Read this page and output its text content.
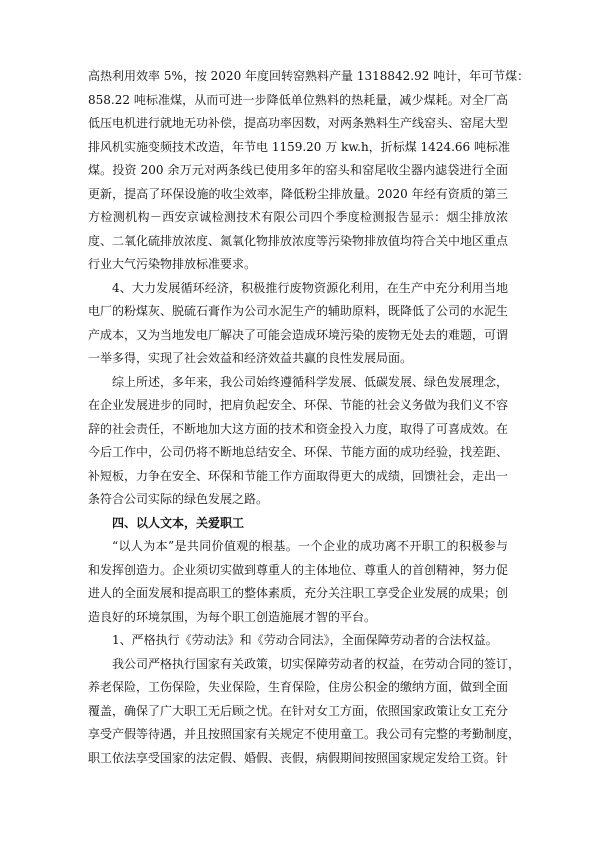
高热利用效率 5%，按 2020 年度回转窑熟料产量 1318842.92 吨计，年可节煤：
858.22 吨标准煤，从而可进一步降低单位熟料的热耗量，减少煤耗。对全厂高
低压电机进行就地无功补偿，提高功率因数，对两条熟料生产线窑头、窑尾大型
排风机实施变频技术改造，年节电 1159.20 万 kw.h，折标煤 1424.66 吨标准
煤。投资 200 余万元对两条线已使用多年的窑头和窑尾收尘器内滤袋进行全面
更新，提高了环保设施的收尘效率，降低粉尘排放量。2020 年经有资质的第三
方检测机构－西安京诚检测技术有限公司四个季度检测报告显示：烟尘排放浓
度、二氧化硫排放浓度、氮氧化物排放浓度等污染物排放值均符合关中地区重点
行业大气污染物排放标准要求。
4、大力发展循环经济，积极推行废物资源化利用，在生产中充分利用当地
电厂的粉煤灰、脱硫石膏作为公司水泥生产的辅助原料，既降低了公司的水泥生
产成本，又为当地发电厂解决了可能会造成环境污染的废物无处去的难题，可谓
一举多得，实现了社会效益和经济效益共赢的良性发展局面。
综上所述，多年来，我公司始终遵循科学发展、低碳发展、绿色发展理念，
在企业发展进步的同时，把肩负起安全、环保、节能的社会义务做为我们义不容
辞的社会责任，不断地加大这方面的技术和资金投入力度，取得了可喜成效。在
今后工作中，公司仍将不断地总结安全、环保、节能方面的成功经验，找差距、
补短板，力争在安全、环保和节能工作方面取得更大的成绩，回馈社会，走出一
条符合公司实际的绿色发展之路。
四、以人文本，关爱职工
“以人为本”是共同价值观的根基。一个企业的成功离不开职工的积极参与
和发挥创造力。企业须切实做到尊重人的主体地位、尊重人的首创精神，努力促
进人的全面发展和提高职工的整体素质，充分关注职工享受企业发展的成果；创
造良好的环境氛围，为每个职工创造施展才智的平台。
1、严格执行《劳动法》和《劳动合同法》，全面保障劳动者的合法权益。
我公司严格执行国家有关政策，切实保障劳动者的权益，在劳动合同的签订，
养老保险，工伤保险，失业保险，生育保险，住房公积金的缴纳方面，做到全面
覆盖，确保了广大职工无后顾之忧。在针对女工方面，依照国家政策让女工充分
享受产假等待遇，并且按照国家有关规定不使用童工。我公司有完整的考勤制度，
职工依法享受国家的法定假、婚假、丧假，病假期间按照国家规定发给工资。针
